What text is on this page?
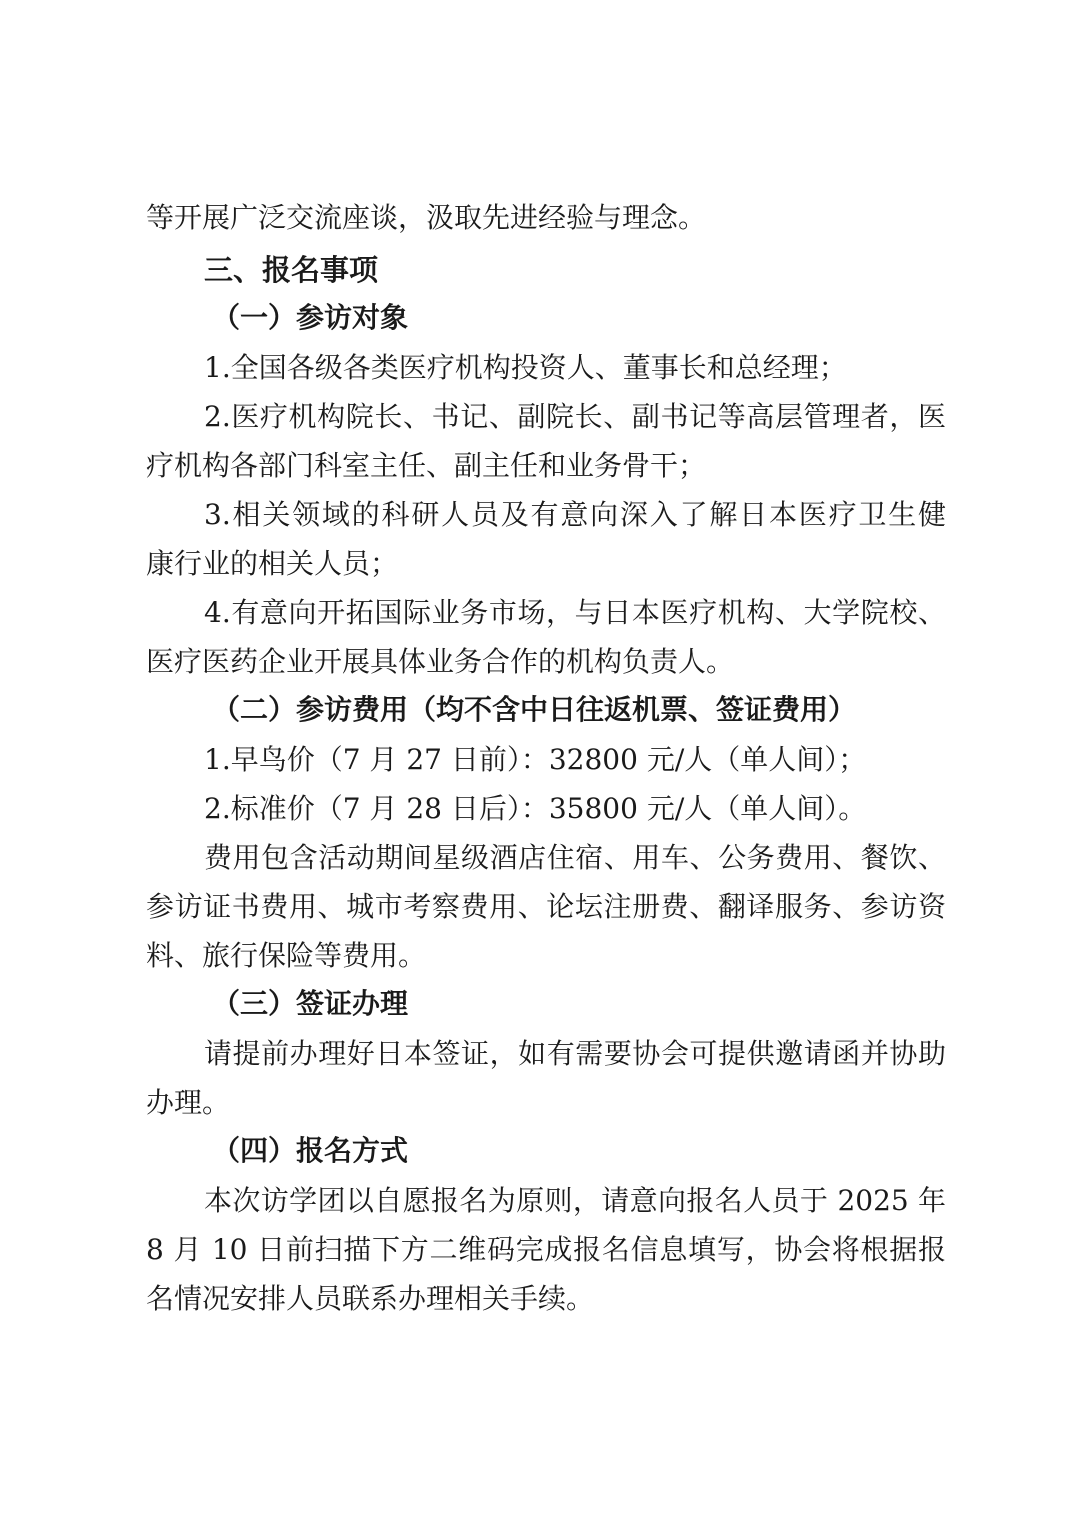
等开展广泛交流座谈，汲取先进经验与理念。
三、报名事项
（一）参访对象
1.全国各级各类医疗机构投资人、董事长和总经理；
2.医疗机构院长、书记、副院长、副书记等高层管理者，医
疗机构各部门科室主任、副主任和业务骨干；
3.相关领域的科研人员及有意向深入了解日本医疗卫生健
康行业的相关人员；
4.有意向开拓国际业务市场，与日本医疗机构、大学院校、
医疗医药企业开展具体业务合作的机构负责人。
（二）参访费用（均不含中日往返机票、签证费用）
1.早鸟价（7 月 27 日前）：32800 元/人（单人间）；
2.标准价（7 月 28 日后）：35800 元/人（单人间）。
费用包含活动期间星级酒店住宿、用车、公务费用、餐饮、
参访证书费用、城市考察费用、论坛注册费、翻译服务、参访资
料、旅行保险等费用。
（三）签证办理
请提前办理好日本签证，如有需要协会可提供邀请函并协助
办理。
（四）报名方式
本次访学团以自愿报名为原则，请意向报名人员于 2025 年
8 月 10 日前扫描下方二维码完成报名信息填写，协会将根据报
名情况安排人员联系办理相关手续。
